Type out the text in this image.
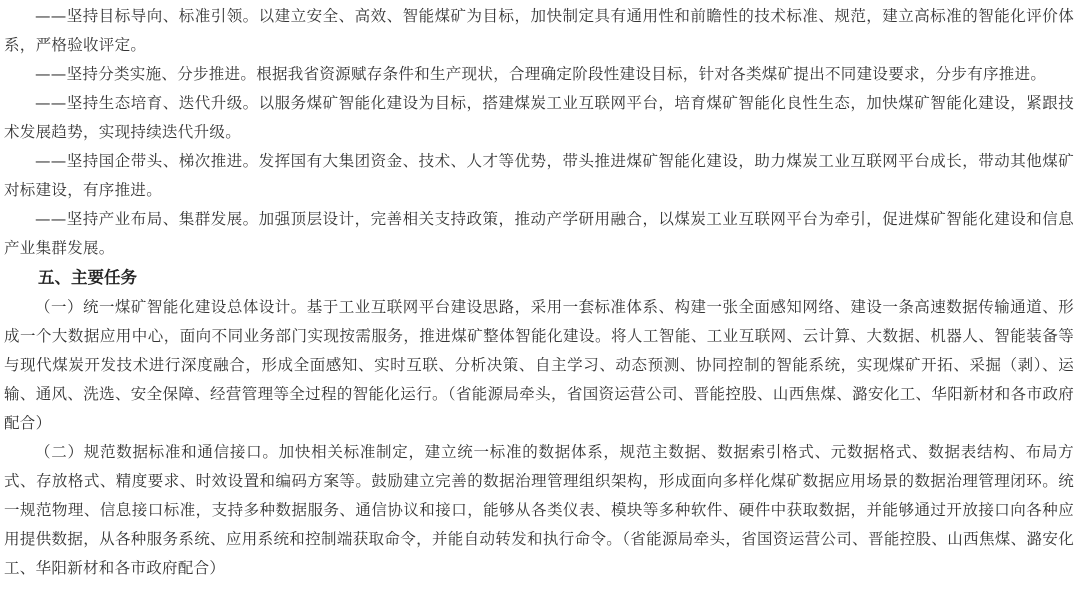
——坚持目标导向、标准引领。以建立安全、高效、智能煤矿为目标，加快制定具有通用性和前瞻性的技术标准、规范，建立高标准的智能化评价体系，严格验收评定。

——坚持分类实施、分步推进。根据我省资源赋存条件和生产现状，合理确定阶段性建设目标，针对各类煤矿提出不同建设要求，分步有序推进。

——坚持生态培育、迭代升级。以服务煤矿智能化建设为目标，搭建煤炭工业互联网平台，培育煤矿智能化良性生态，加快煤矿智能化建设，紧跟技术发展趋势，实现持续迭代升级。

——坚持国企带头、梯次推进。发挥国有大集团资金、技术、人才等优势，带头推进煤矿智能化建设，助力煤炭工业互联网平台成长，带动其他煤矿对标建设，有序推进。

——坚持产业布局、集群发展。加强顶层设计，完善相关支持政策，推动产学研用融合，以煤炭工业互联网平台为牵引，促进煤矿智能化建设和信息产业集群发展。

五、主要任务

（一）统一煤矿智能化建设总体设计。基于工业互联网平台建设思路，采用一套标准体系、构建一张全面感知网络、建设一条高速数据传输通道、形成一个大数据应用中心，面向不同业务部门实现按需服务，推进煤矿整体智能化建设。将人工智能、工业互联网、云计算、大数据、机器人、智能装备等与现代煤炭开发技术进行深度融合，形成全面感知、实时互联、分析决策、自主学习、动态预测、协同控制的智能系统，实现煤矿开拓、采掘（剥）、运输、通风、洗选、安全保障、经营管理等全过程的智能化运行。（省能源局牵头，省国资运营公司、晋能控股、山西焦煤、潞安化工、华阳新材和各市政府配合）

（二）规范数据标准和通信接口。加快相关标准制定，建立统一标准的数据体系，规范主数据、数据索引格式、元数据格式、数据表结构、布局方式、存放格式、精度要求、时效设置和编码方案等。鼓励建立完善的数据治理管理组织架构，形成面向多样化煤矿数据应用场景的数据治理管理闭环。统一规范物理、信息接口标准，支持多种数据服务、通信协议和接口，能够从各类仪表、模块等多种软件、硬件中获取数据，并能够通过开放接口向各种应用提供数据，从各种服务系统、应用系统和控制端获取命令，并能自动转发和执行命令。（省能源局牵头，省国资运营公司、晋能控股、山西焦煤、潞安化工、华阳新材和各市政府配合）
